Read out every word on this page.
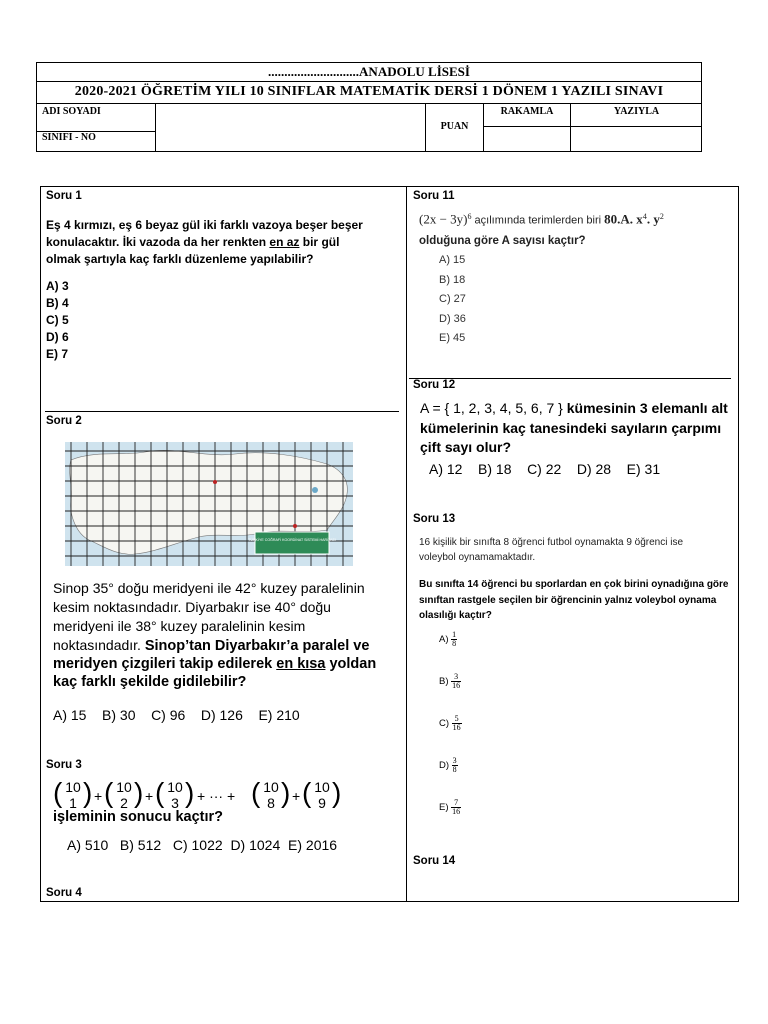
............................ANADOLU LİSESİ
2020-2021 ÖĞRETİM YILI 10 SINIFLAR MATEMATİK DERSİ 1 DÖNEM 1 YAZILI SINAVI
ADI SOYADI
SINIFI - NO
PUAN
RAKAMLA	YAZIYLA
Soru 1
Eş 4 kırmızı, eş 6 beyaz gül iki farklı vazoya beşer beşer konulacaktır. İki vazoda da her renkten en az bir gül olmak şartıyla kaç farklı düzenleme yapılabilir?
A) 3
B) 4
C) 5
D) 6
E) 7
Soru 2
TÜRKİYE COĞRAFİ KOORDİNAT SİSTEMİ HARİTASI
Sinop 35° doğu meridyeni ile 42° kuzey paralelinin kesim noktasındadır. Diyarbakır ise 40° doğu meridyeni ile 38° kuzey paralelinin kesim noktasındadır. Sinop’tan Diyarbakır’a paralel ve meridyen çizgileri takip edilerek en kısa yoldan kaç farklı şekilde gidilebilir?
A) 15 B) 30 C) 96 D) 126 E) 210
Soru 3
( 10
1 ) + ( 10
2 ) + ( 10
3 ) + ··· + ( 10
8 ) + ( 10
9 )
işleminin sonucu kaçtır?
A) 510 B) 512 C) 1022 D) 1024 E) 2016
Soru 4
Soru 11
$(2x - 3y)^6$ açılımında terimlerden biri 80.A. $x^4$. $y^2$
olduğuna göre A sayısı kaçtır?
A) 15
B) 18
C) 27
D) 36
E) 45
Soru 12
A = { 1, 2, 3, 4, 5, 6, 7 } kümesinin 3 elemanlı alt kümelerinin kaç tanesindeki sayıların çarpımı çift sayı olur?
A) 12 B) 18 C) 22 D) 28 E) 31
Soru 13
16 kişilik bir sınıfta 8 öğrenci futbol oynamakta 9 öğrenci ise voleybol oynamamaktadır.
Bu sınıfta 14 öğrenci bu sporlardan en çok birini oynadığına göre sınıftan rastgele seçilen bir öğrencinin yalnız voleybol oynama olasılığı kaçtır?
$A) \frac{1}{8}$
$B) \frac{3}{16}$
$C) \frac{5}{16}$
$D) \frac{3}{8}$
$E) \frac{7}{16}$
Soru 14
